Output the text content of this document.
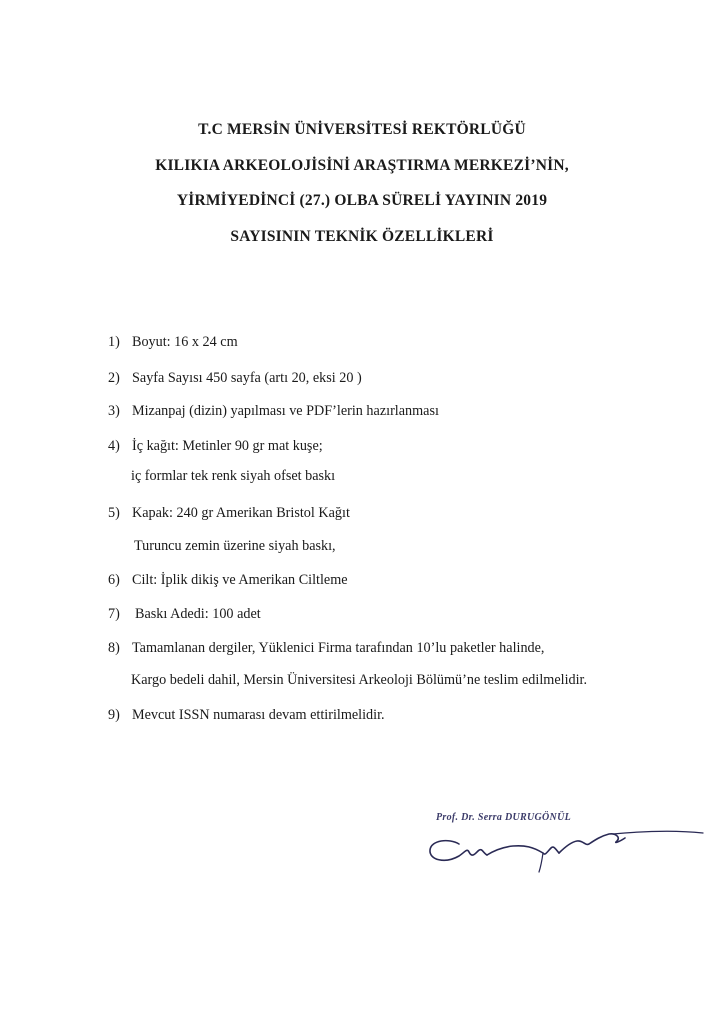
T.C MERSİN ÜNİVERSİTESİ REKTÖRLÜĞÜ
KILIKIA ARKEOLOJİSİNİ ARAŞTIRMA MERKEZİ’NİN,
YİRMİYEDİNCİ (27.) OLBA SÜRELİ YAYININ 2019
SAYISININ TEKNİK ÖZELLİKLERİ
1) Boyut: 16 x 24 cm
2) Sayfa Sayısı 450 sayfa (artı 20, eksi 20 )
3) Mizanpaj (dizin) yapılması ve PDF’lerin hazırlanması
4) İç kağıt: Metinler 90 gr mat kuşe;
iç formlar tek renk siyah ofset baskı
5) Kapak: 240 gr Amerikan Bristol Kağıt
Turuncu zemin üzerine siyah baskı,
6) Cilt: İplik dikiş ve Amerikan Ciltleme
7) Baskı Adedi: 100 adet
8) Tamamlanan dergiler, Yüklenici Firma tarafından 10’lu paketler halinde,
Kargo bedeli dahil, Mersin Üniversitesi Arkeoloji Bölümü’ne teslim edilmelidir.
9) Mevcut ISSN numarası devam ettirilmelidir.
Prof. Dr. Serra DURUGÖNÜL
